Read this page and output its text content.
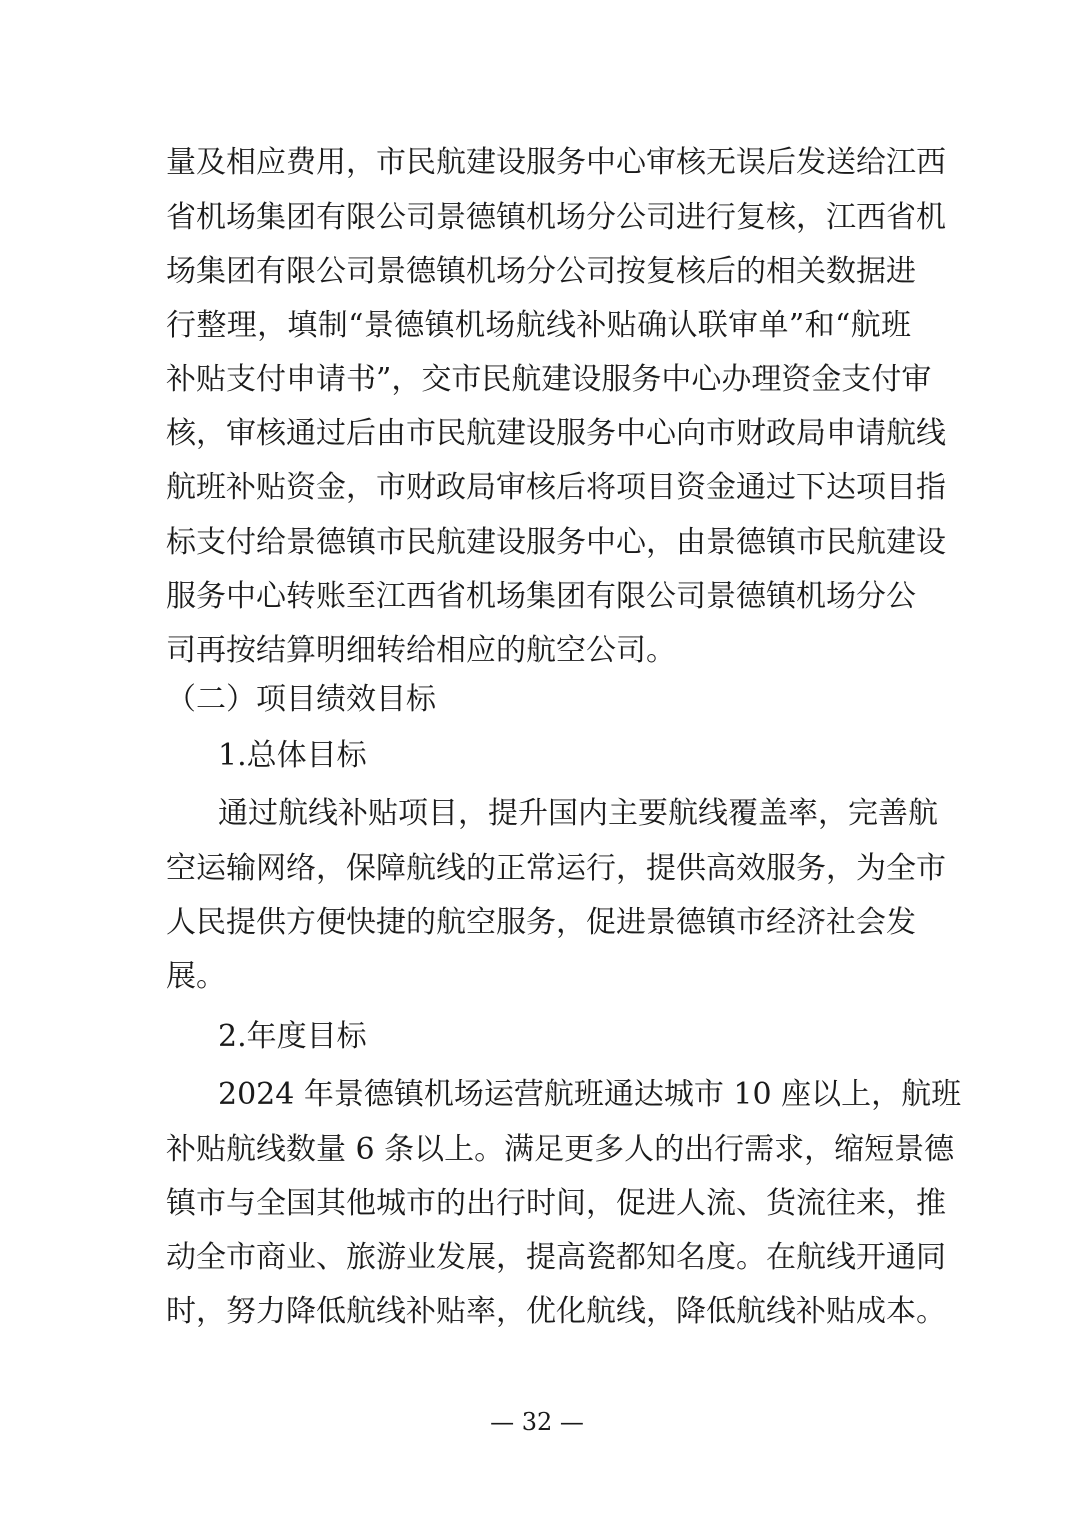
量及相应费用，市民航建设服务中心审核无误后发送给江西
省机场集团有限公司景德镇机场分公司进行复核，江西省机
场集团有限公司景德镇机场分公司按复核后的相关数据进
行整理，填制“景德镇机场航线补贴确认联审单”和“航班
补贴支付申请书”，交市民航建设服务中心办理资金支付审
核，审核通过后由市民航建设服务中心向市财政局申请航线
航班补贴资金，市财政局审核后将项目资金通过下达项目指
标支付给景德镇市民航建设服务中心，由景德镇市民航建设
服务中心转账至江西省机场集团有限公司景德镇机场分公
司再按结算明细转给相应的航空公司。
（二）项目绩效目标
1.总体目标
通过航线补贴项目，提升国内主要航线覆盖率，完善航
空运输网络，保障航线的正常运行，提供高效服务，为全市
人民提供方便快捷的航空服务，促进景德镇市经济社会发
展。
2.年度目标
2024 年景德镇机场运营航班通达城市 10 座以上，航班
补贴航线数量 6 条以上。满足更多人的出行需求，缩短景德
镇市与全国其他城市的出行时间，促进人流、货流往来，推
动全市商业、旅游业发展，提高瓷都知名度。在航线开通同
时，努力降低航线补贴率，优化航线，降低航线补贴成本。
— 32 —
